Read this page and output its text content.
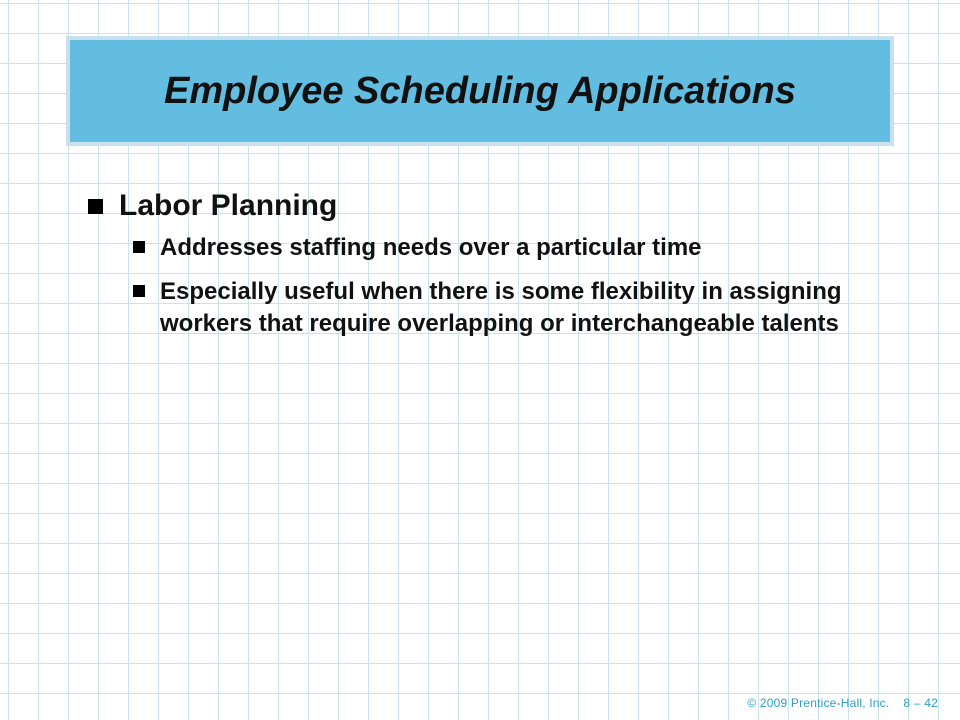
Employee Scheduling Applications
Labor Planning
Addresses staffing needs over a particular time
Especially useful when there is some flexibility in assigning workers that require overlapping or interchangeable talents
© 2009 Prentice-Hall, Inc. 8 – 42
